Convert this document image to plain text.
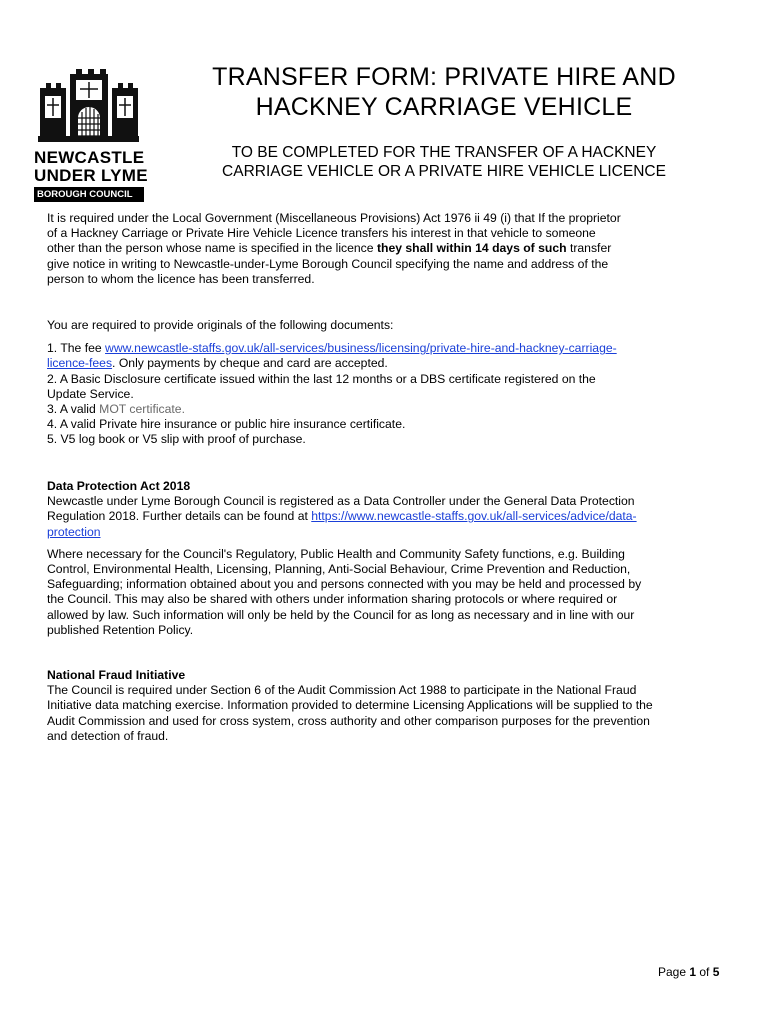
NEWCASTLE
UNDER LYME
BOROUGH COUNCIL
TRANSFER FORM: PRIVATE HIRE AND
HACKNEY CARRIAGE VEHICLE
TO BE COMPLETED FOR THE TRANSFER OF A HACKNEY
CARRIAGE VEHICLE OR A PRIVATE HIRE VEHICLE LICENCE

It is required under the Local Government (Miscellaneous Provisions) Act 1976 ii 49 (i) that If the proprietor

of a Hackney Carriage or Private Hire Vehicle Licence transfers his interest in that vehicle to someone

other than the person whose name is specified in the licence they shall within 14 days of such transfer

give notice in writing to Newcastle-under-Lyme Borough Council specifying the name and address of the

person to whom the licence has been transferred.

You are required to provide originals of the following documents:

1. The fee www.newcastle-staffs.gov.uk/all-services/business/licensing/private-hire-and-hackney-carriage-

licence-fees. Only payments by cheque and card are accepted.

2. A Basic Disclosure certificate issued within the last 12 months or a DBS certificate registered on the

Update Service.

3. A valid MOT certificate.

4. A valid Private hire insurance or public hire insurance certificate.

5. V5 log book or V5 slip with proof of purchase.

Data Protection Act 2018

Newcastle under Lyme Borough Council is registered as a Data Controller under the General Data Protection

Regulation 2018. Further details can be found at https://www.newcastle-staffs.gov.uk/all-services/advice/data-

protection

Where necessary for the Council's Regulatory, Public Health and Community Safety functions, e.g. Building

Control, Environmental Health, Licensing, Planning, Anti-Social Behaviour, Crime Prevention and Reduction,

Safeguarding; information obtained about you and persons connected with you may be held and processed by

the Council. This may also be shared with others under information sharing protocols or where required or

allowed by law. Such information will only be held by the Council for as long as necessary and in line with our

published Retention Policy.

National Fraud Initiative

The Council is required under Section 6 of the Audit Commission Act 1988 to participate in the National Fraud

Initiative data matching exercise. Information provided to determine Licensing Applications will be supplied to the

Audit Commission and used for cross system, cross authority and other comparison purposes for the prevention

and detection of fraud.

Page 1 of 5
